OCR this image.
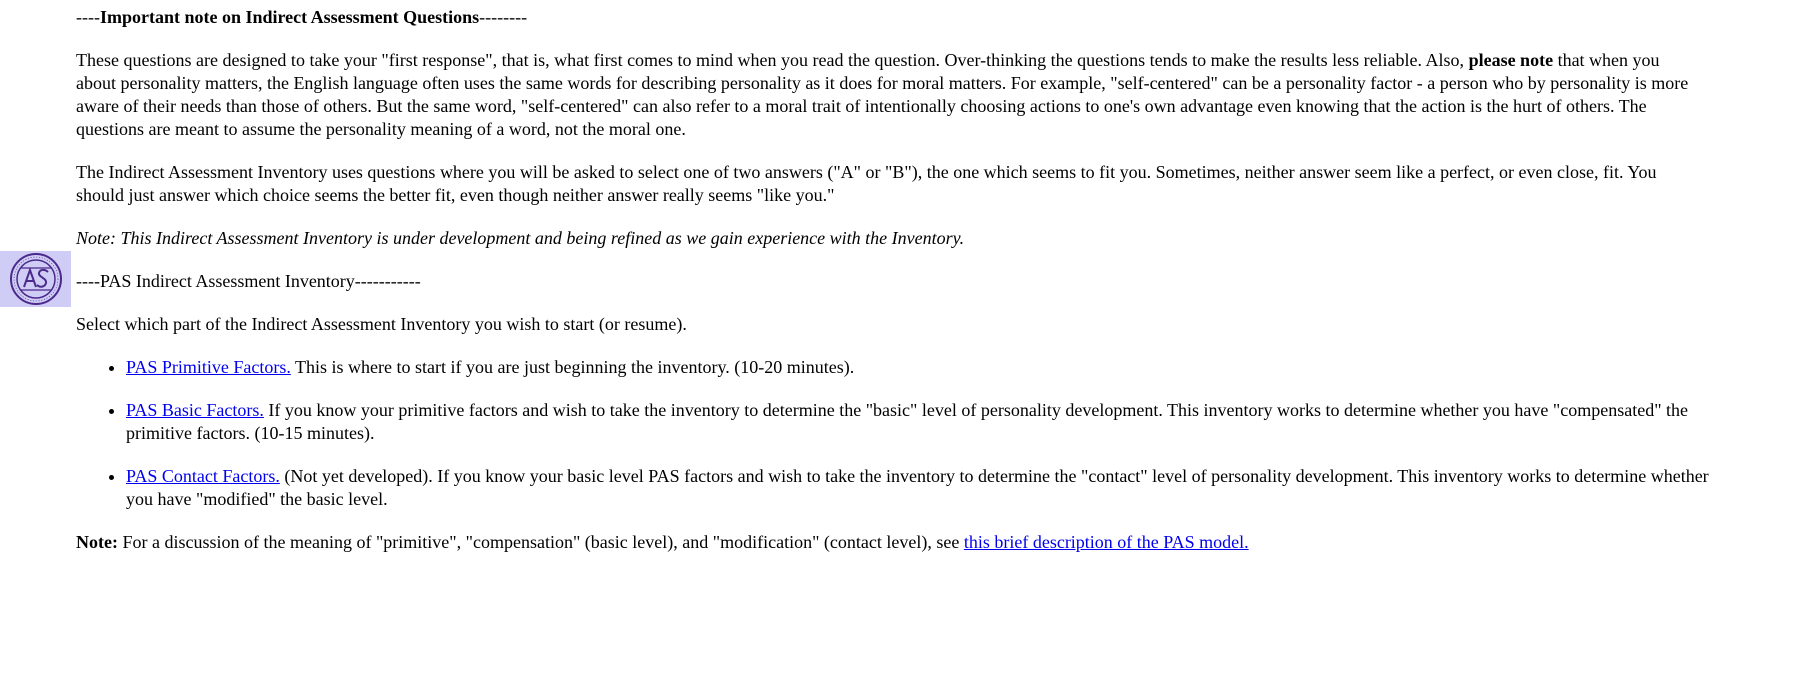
----Important note on Indirect Assessment Questions--------

These questions are designed to take your "first response", that is, what first comes to mind when you read the question. Over-thinking the questions tends to make the results less reliable. Also, please note that when you
about personality matters, the English language often uses the same words for describing personality as it does for moral matters. For example, "self-centered" can be a personality factor - a person who by personality is more
aware of their needs than those of others. But the same word, "self-centered" can also refer to a moral trait of intentionally choosing actions to one's own advantage even knowing that the action is the hurt of others. The
questions are meant to assume the personality meaning of a word, not the moral one.

The Indirect Assessment Inventory uses questions where you will be asked to select one of two answers ("A" or "B"), the one which seems to fit you. Sometimes, neither answer seem like a perfect, or even close, fit. You
should just answer which choice seems the better fit, even though neither answer really seems "like you."

Note: This Indirect Assessment Inventory is under development and being refined as we gain experience with the Inventory.

----PAS Indirect Assessment Inventory-----------

Select which part of the Indirect Assessment Inventory you wish to start (or resume).

• PAS Primitive Factors. This is where to start if you are just beginning the inventory. (10-20 minutes).
• PAS Basic Factors. If you know your primitive factors and wish to take the inventory to determine the "basic" level of personality development. This inventory works to determine whether you have "compensated" the
primitive factors. (10-15 minutes).
• PAS Contact Factors. (Not yet developed). If you know your basic level PAS factors and wish to take the inventory to determine the "contact" level of personality development. This inventory works to determine whether
you have "modified" the basic level.

Note: For a discussion of the meaning of "primitive", "compensation" (basic level), and "modification" (contact level), see this brief description of the PAS model.
